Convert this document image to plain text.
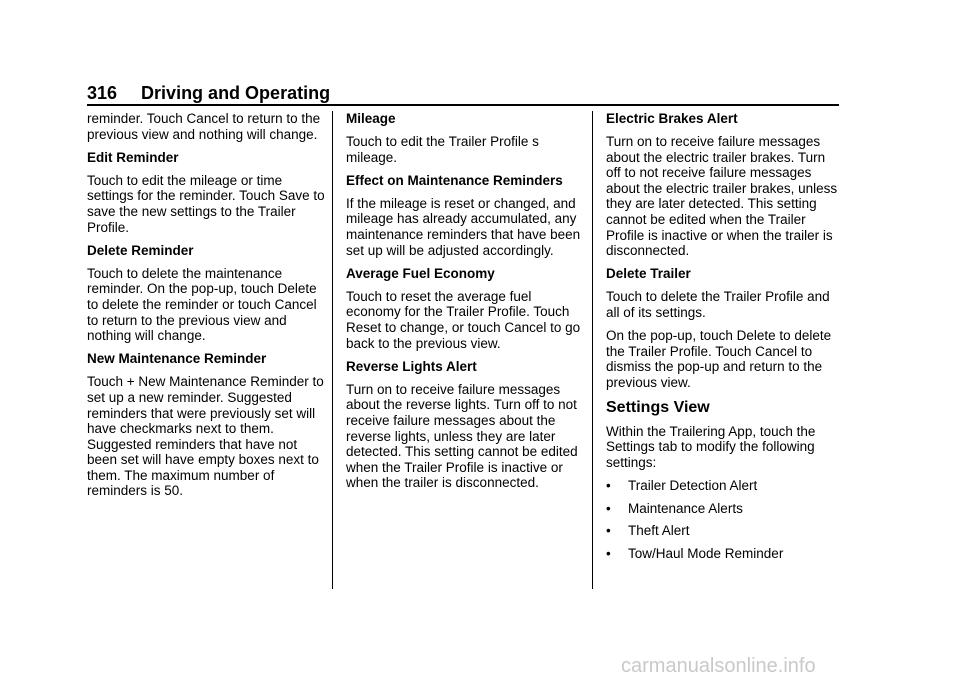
316 Driving and Operating

reminder. Touch Cancel to return to the previous view and nothing will change.

Edit Reminder

Touch to edit the mileage or time settings for the reminder. Touch Save to save the new settings to the Trailer Profile.

Delete Reminder

Touch to delete the maintenance reminder. On the pop-up, touch Delete to delete the reminder or touch Cancel to return to the previous view and nothing will change.

New Maintenance Reminder

Touch + New Maintenance Reminder to set up a new reminder. Suggested reminders that were previously set will have checkmarks next to them. Suggested reminders that have not been set will have empty boxes next to them. The maximum number of reminders is 50.

Mileage

Touch to edit the Trailer Profile s mileage.

Effect on Maintenance Reminders

If the mileage is reset or changed, and mileage has already accumulated, any maintenance reminders that have been set up will be adjusted accordingly.

Average Fuel Economy

Touch to reset the average fuel economy for the Trailer Profile. Touch Reset to change, or touch Cancel to go back to the previous view.

Reverse Lights Alert

Turn on to receive failure messages about the reverse lights. Turn off to not receive failure messages about the reverse lights, unless they are later detected. This setting cannot be edited when the Trailer Profile is inactive or when the trailer is disconnected.

Electric Brakes Alert

Turn on to receive failure messages about the electric trailer brakes. Turn off to not receive failure messages about the electric trailer brakes, unless they are later detected. This setting cannot be edited when the Trailer Profile is inactive or when the trailer is disconnected.

Delete Trailer

Touch to delete the Trailer Profile and all of its settings.

On the pop-up, touch Delete to delete the Trailer Profile. Touch Cancel to dismiss the pop-up and return to the previous view.

Settings View

Within the Trailering App, touch the Settings tab to modify the following settings:

• Trailer Detection Alert
• Maintenance Alerts
• Theft Alert
• Tow/Haul Mode Reminder
carmanualsonline.info
